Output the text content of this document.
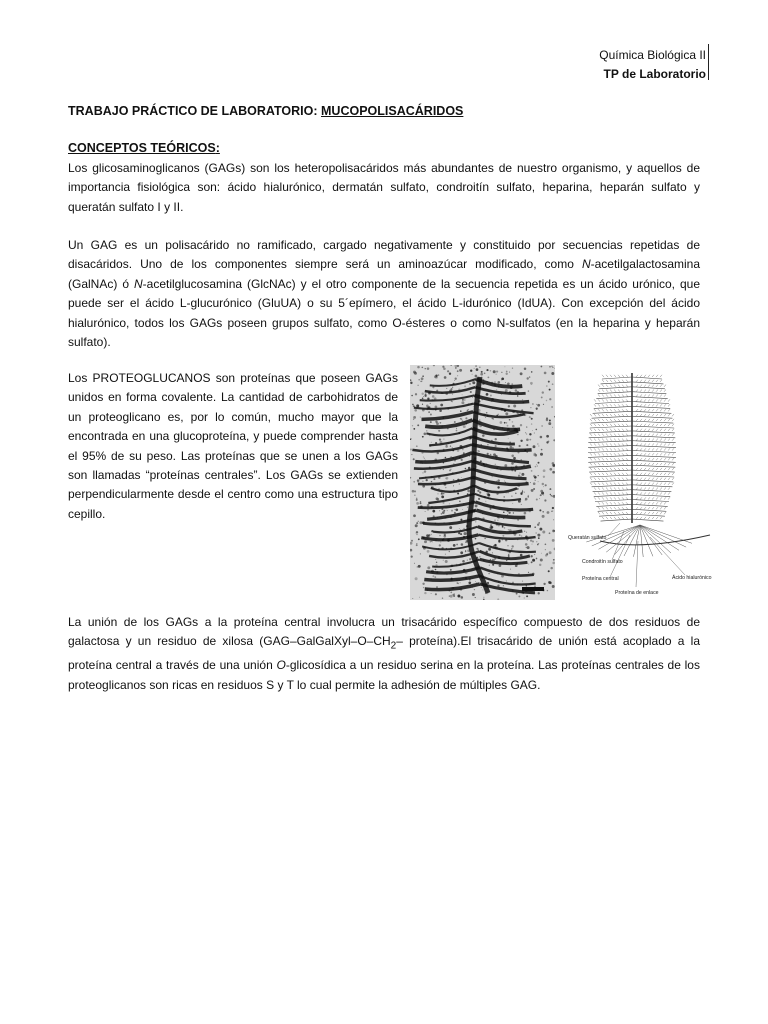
Química Biológica II
TP de Laboratorio
TRABAJO PRÁCTICO DE LABORATORIO: MUCOPOLISACÁRIDOS
CONCEPTOS TEÓRICOS:

Los glicosaminoglicanos (GAGs) son los heteropolisacáridos más abundantes de nuestro organismo, y aquellos de importancia fisiológica son: ácido hialurónico, dermatán sulfato, condroitín sulfato, heparina, heparán sulfato y queratán sulfato I y II.

Un GAG es un polisacárido no ramificado, cargado negativamente y constituido por secuencias repetidas de disacáridos. Uno de los componentes siempre será un aminoazúcar modificado, como N-acetilgalactosamina (GalNAc) ó N-acetilglucosamina (GlcNAc) y el otro componente de la secuencia repetida es un ácido urónico, que puede ser el ácido L-glucurónico (GluUA) o su 5´epímero, el ácido L-idurónico (IdUA). Con excepción del ácido hialurónico, todos los GAGs poseen grupos sulfato, como O-ésteres o como N-sulfatos (en la heparina y heparán sulfato).

Los PROTEOGLUCANOS son proteínas que poseen GAGs unidos en forma covalente. La cantidad de carbohidratos de un proteoglicano es, por lo común, mucho mayor que la encontrada en una glucoproteína, y puede comprender hasta el 95% de su peso. Las proteínas que se unen a los GAGs son llamadas “proteínas centrales”. Los GAGs se extienden perpendicularmente desde el centro como una estructura tipo cepillo.

Queratán sulfato
Condroitín sulfato
Proteína central	Ácido hialurónico
Proteína de enlace

La unión de los GAGs a la proteína central involucra un trisacárido específico compuesto de dos residuos de galactosa y un residuo de xilosa ($GAG-GalGalXyl-O-CH_2-$ proteína).El trisacárido de unión está acoplado a la proteína central a través de una unión O-glicosídica a un residuo serina en la proteína. Las proteínas centrales de los proteoglicanos son ricas en residuos S y T lo cual permite la adhesión de múltiples GAG.
